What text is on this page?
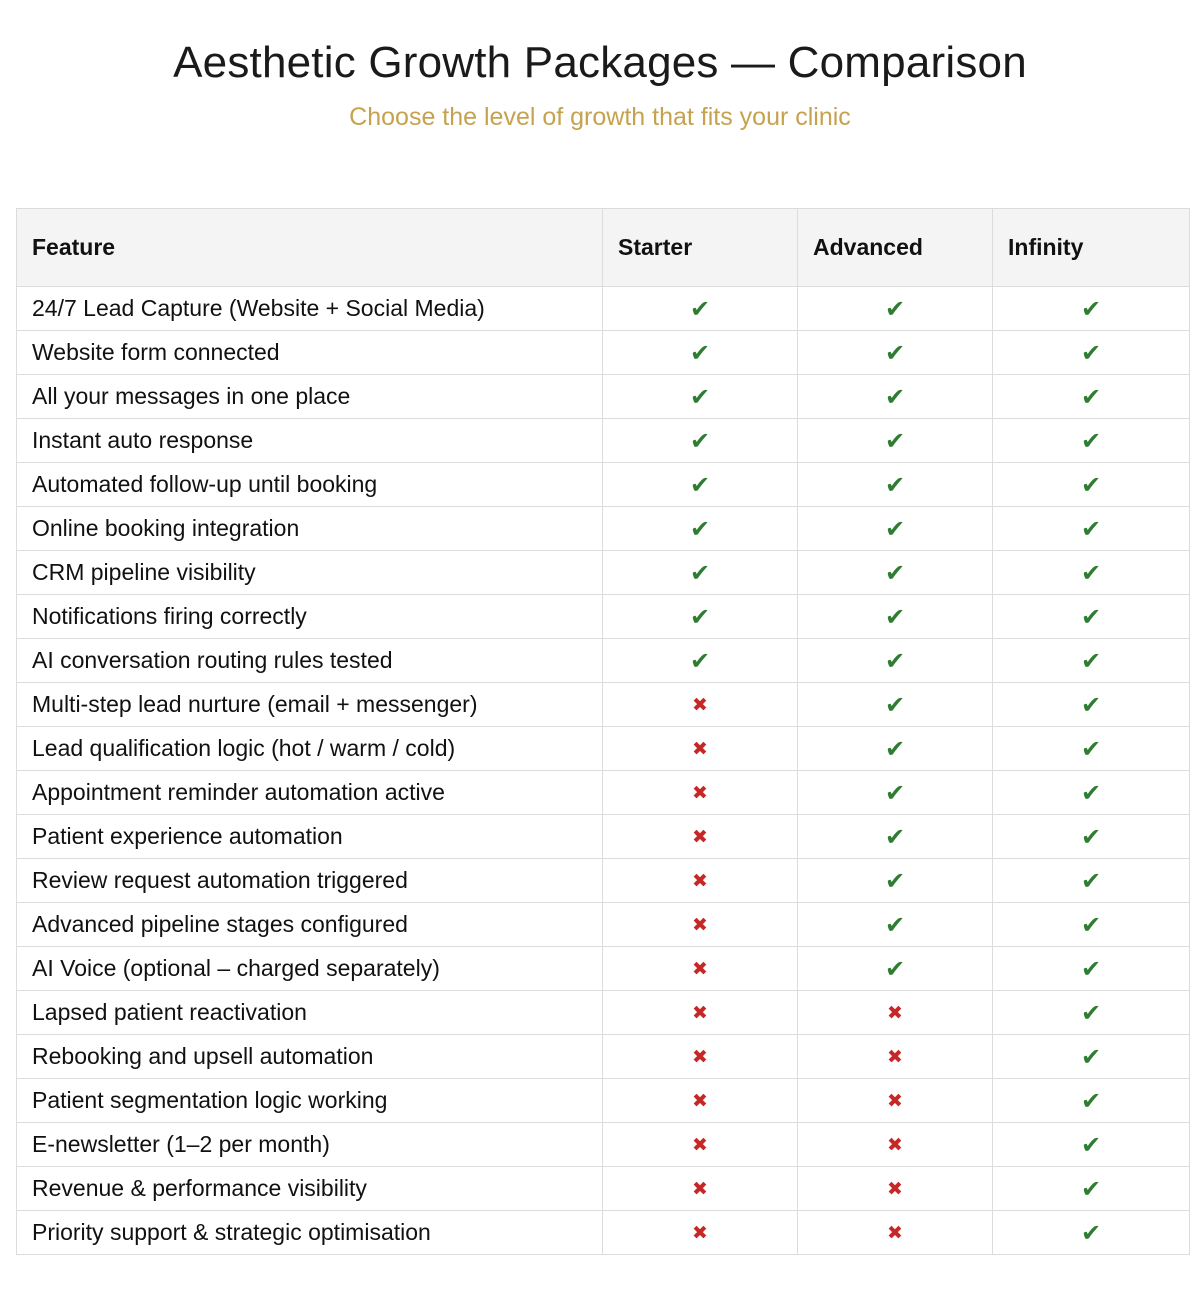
Aesthetic Growth Packages — Comparison

Choose the level of growth that fits your clinic

Feature	Starter	Advanced	Infinity
24/7 Lead Capture (Website + Social Media)	✔	✔	✔
Website form connected	✔	✔	✔
All your messages in one place	✔	✔	✔
Instant auto response	✔	✔	✔
Automated follow-up until booking	✔	✔	✔
Online booking integration	✔	✔	✔
CRM pipeline visibility	✔	✔	✔
Notifications firing correctly	✔	✔	✔
AI conversation routing rules tested	✔	✔	✔
Multi-step lead nurture (email + messenger)	✖	✔	✔
Lead qualification logic (hot / warm / cold)	✖	✔	✔
Appointment reminder automation active	✖	✔	✔
Patient experience automation	✖	✔	✔
Review request automation triggered	✖	✔	✔
Advanced pipeline stages configured	✖	✔	✔
AI Voice (optional – charged separately)	✖	✔	✔
Lapsed patient reactivation	✖	✖	✔
Rebooking and upsell automation	✖	✖	✔
Patient segmentation logic working	✖	✖	✔
E-newsletter (1–2 per month)	✖	✖	✔
Revenue & performance visibility	✖	✖	✔
Priority support & strategic optimisation	✖	✖	✔
